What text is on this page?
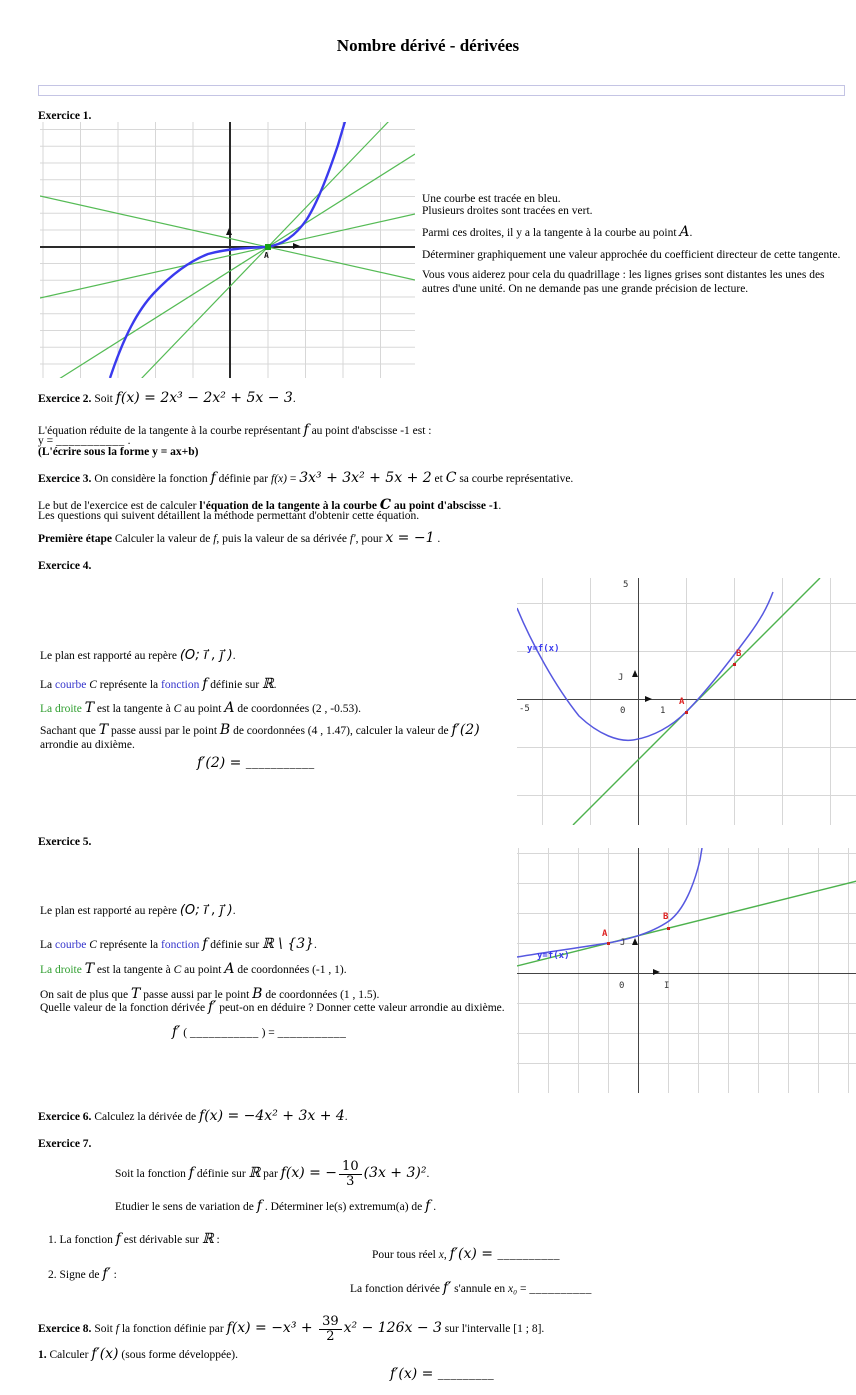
Nombre dérivé - dérivées
Exercice 1.
A
Une courbe est tracée en bleu.
Plusieurs droites sont tracées en vert.
Parmi ces droites, il y a la tangente à la courbe au point A.
Déterminer graphiquement une valeur approchée du coefficient directeur de cette tangente.
Vous vous aiderez pour cela du quadrillage : les lignes grises sont distantes les unes des autres d'une unité. On ne demande pas une grande précision de lecture.
Exercice 2. Soit f(x) = 2x³ − 2x² + 5x − 3.
L'équation réduite de la tangente à la courbe représentant f au point d'abscisse -1 est :
y = ___________ .
(L'écrire sous la forme y = ax+b)
Exercice 3. On considère la fonction f définie par f(x) = 3x³ + 3x² + 5x + 2 et C sa courbe représentative.
Le but de l'exercice est de calculer l'équation de la tangente à la courbe C au point d'abscisse -1.
Les questions qui suivent détaillent la méthode permettant d'obtenir cette équation.
Première étape Calculer la valeur de f, puis la valeur de sa dérivée f′, pour x = −1 .
Exercice 4.
5
-5	0	1
J
y=f(x)
A
B
Le plan est rapporté au repère (O; ı⃗ , ȷ⃗ ).
La courbe C représente la fonction f définie sur ℝ.
La droite T est la tangente à C au point A de coordonnées (2 , -0.53).
Sachant que T passe aussi par le point B de coordonnées (4 , 1.47), calculer la valeur de f′(2) arrondie au dixième.
f′(2) = ___________
Exercice 5.
0	I
J
y=f(x)
A
B
Le plan est rapporté au repère (O; ı⃗ , ȷ⃗ ).
La courbe C représente la fonction f définie sur ℝ \ {3}.
La droite T est la tangente à C au point A de coordonnées (-1 , 1).
On sait de plus que T passe aussi par le point B de coordonnées (1 , 1.5).
Quelle valeur de la fonction dérivée f′ peut-on en déduire ? Donner cette valeur arrondie au dixième.
f′ ( ___________ ) = ___________
Exercice 6. Calculez la dérivée de f(x) = −4x² + 3x + 4.
Exercice 7.
Soit la fonction f définie sur ℝ par f(x) = − $\frac{10}{3} (3x + 3)^2$.
Etudier le sens de variation de f . Déterminer le(s) extremum(a) de f .
1. La fonction f est dérivable sur ℝ :
Pour tous réel x, f′(x) = __________
2. Signe de f′ :
La fonction dérivée f′ s'annule en x₀ = __________
Exercice 8. Soit f la fonction définie par $f(x) = -x^3 + \frac{39}{2} x^2 - 126x - 3$ sur l'intervalle [1 ; 8].
1. Calculer f′(x) (sous forme développée).
f′(x) = _________
